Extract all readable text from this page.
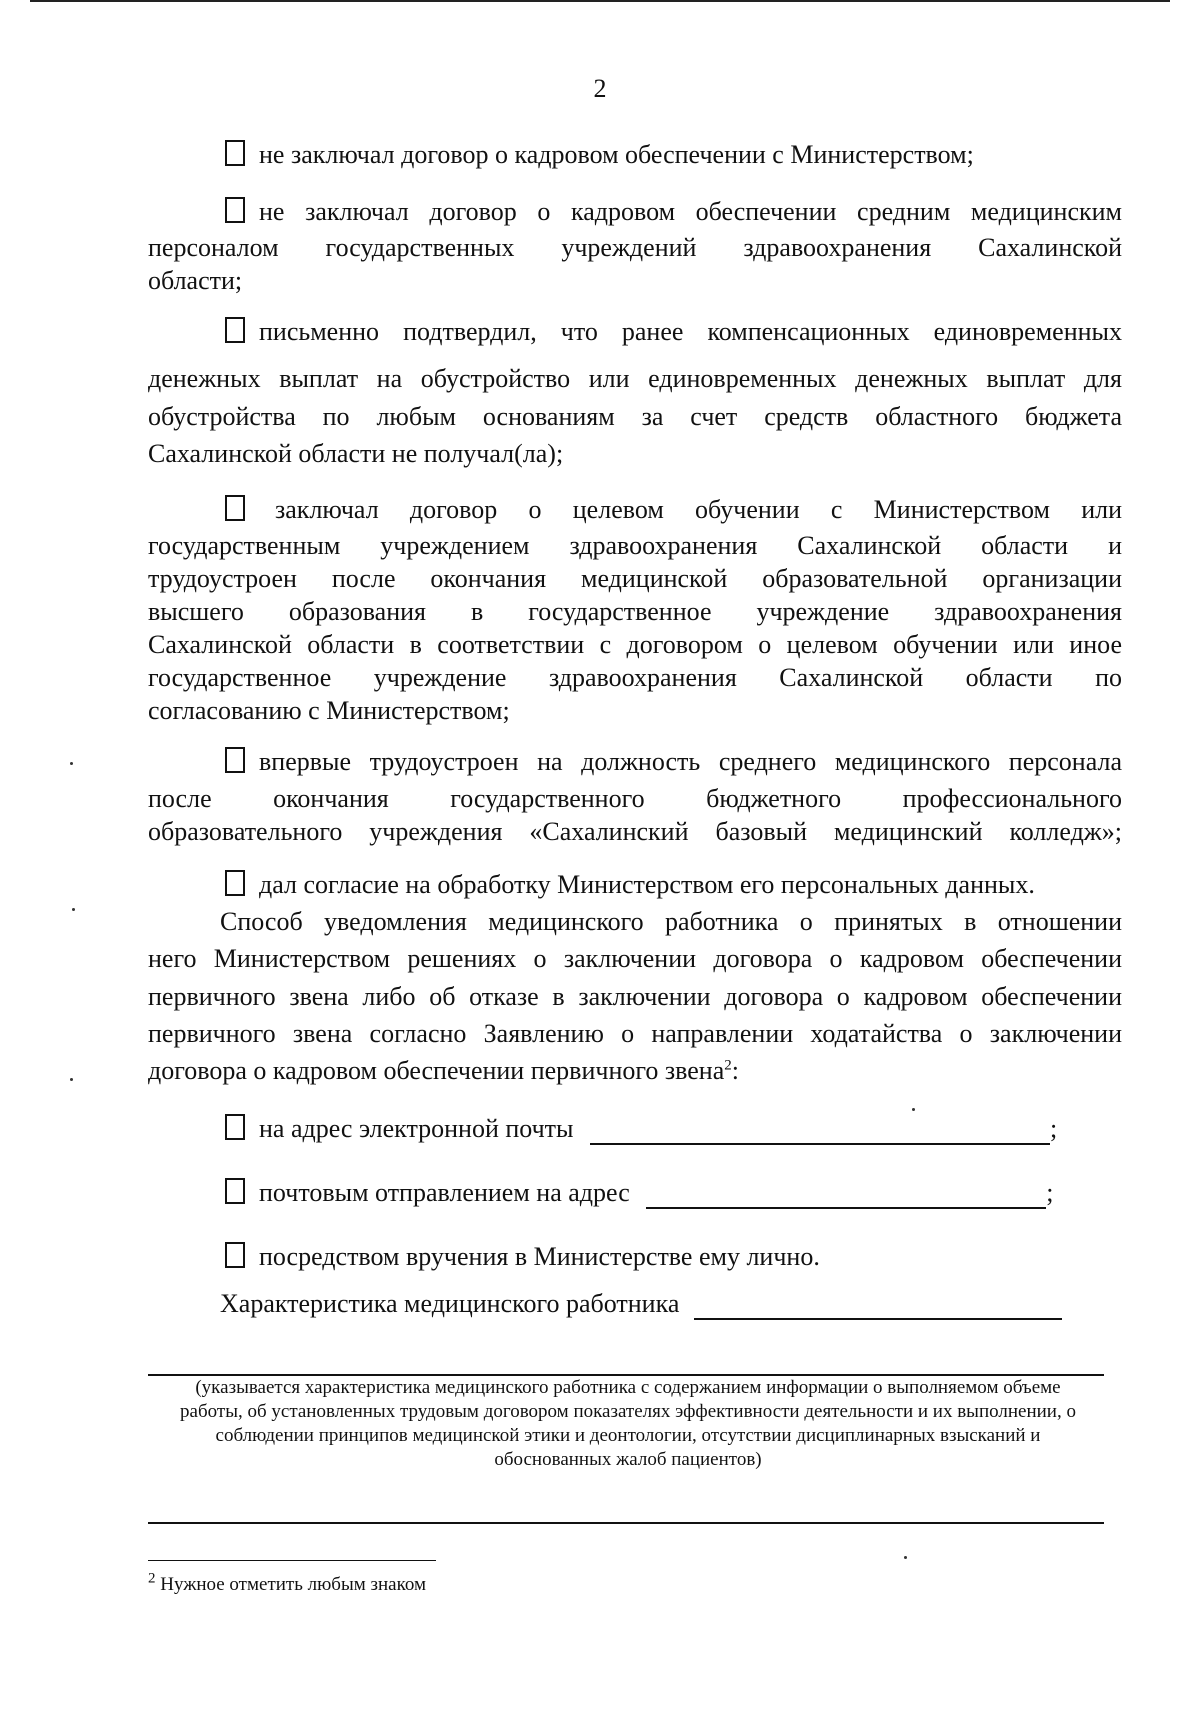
2
не заключал договор о кадровом обеспечении с Министерством;
не заключал договор о кадровом обеспечении средним медицинским
персоналом государственных учреждений здравоохранения Сахалинской
области;
письменно подтвердил, что ранее компенсационных единовременных
денежных выплат на обустройство или единовременных денежных выплат для
обустройства по любым основаниям за счет средств областного бюджета
Сахалинской области не получал(ла);
заключал договор о целевом обучении с Министерством или
государственным учреждением здравоохранения Сахалинской области и
трудоустроен после окончания медицинской образовательной организации
высшего образования в государственное учреждение здравоохранения
Сахалинской области в соответствии с договором о целевом обучении или иное
государственное учреждение здравоохранения Сахалинской области по
согласованию с Министерством;
впервые трудоустроен на должность среднего медицинского персонала
после окончания государственного бюджетного профессионального
образовательного учреждения «Сахалинский базовый медицинский колледж»;
дал согласие на обработку Министерством его персональных данных.
Способ уведомления медицинского работника о принятых в отношении
него Министерством решениях о заключении договора о кадровом обеспечении
первичного звена либо об отказе в заключении договора о кадровом обеспечении
первичного звена согласно Заявлению о направлении ходатайства о заключении
договора о кадровом обеспечении первичного звена$^2$:
на адрес электронной почты	;
почтовым отправлением на адрес	;
посредством вручения в Министерстве ему лично.
Характеристика медицинского работника
(указывается характеристика медицинского работника с содержанием информации о выполняемом объеме
работы, об установленных трудовым договором показателях эффективности деятельности и их выполнении, о
соблюдении принципов медицинской этики и деонтологии, отсутствии дисциплинарных взысканий и
обоснованных жалоб пациентов)
$^2$ Нужное отметить любым знаком
